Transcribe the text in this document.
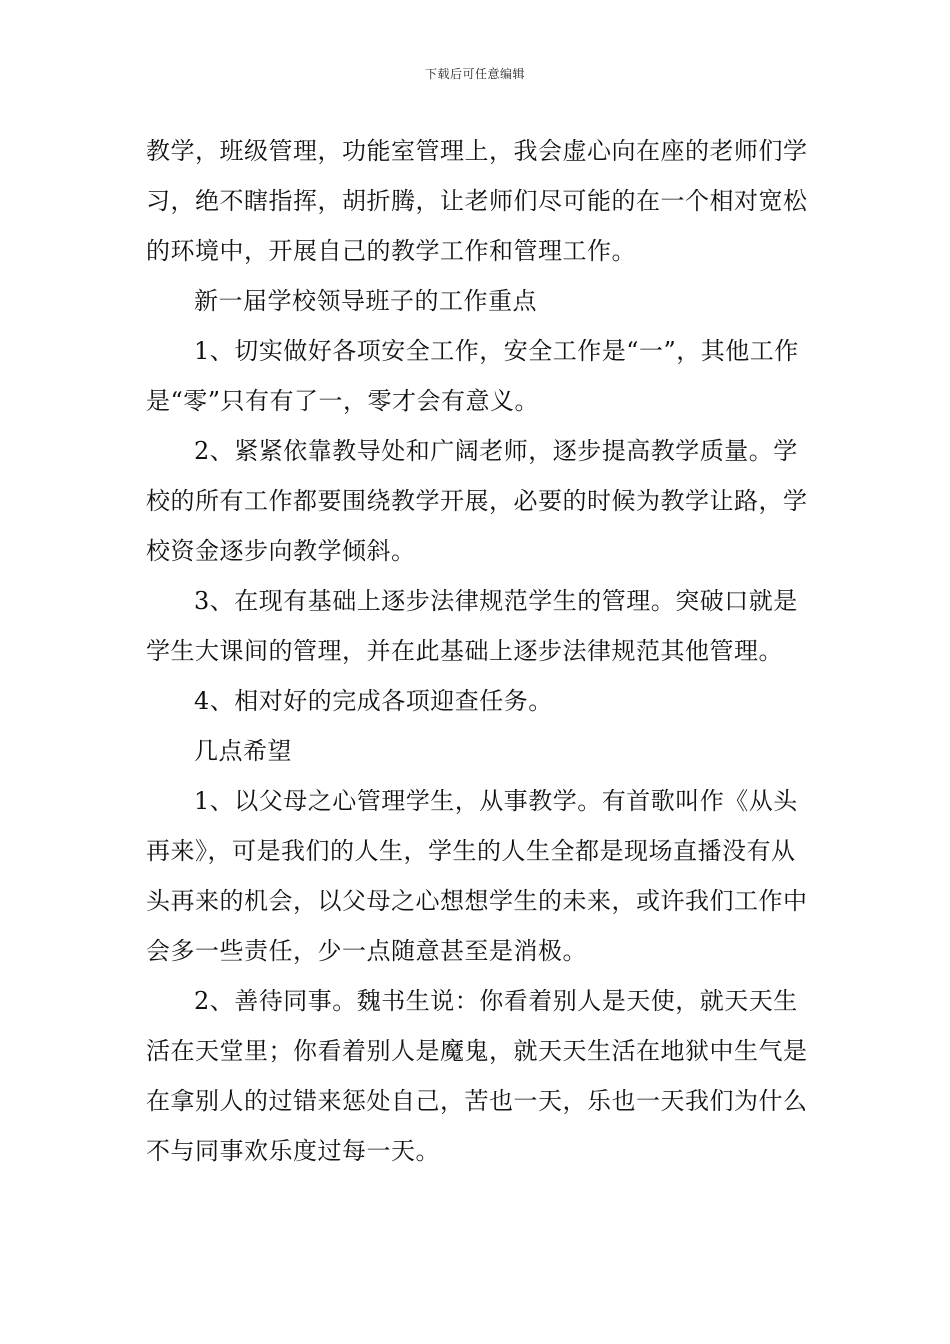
下载后可任意编辑

教学，班级管理，功能室管理上，我会虚心向在座的老师们学习，绝不瞎指挥，胡折腾，让老师们尽可能的在一个相对宽松的环境中，开展自己的教学工作和管理工作。

新一届学校领导班子的工作重点

1、切实做好各项安全工作，安全工作是“一”，其他工作是“零”只有有了一，零才会有意义。

2、紧紧依靠教导处和广阔老师，逐步提高教学质量。学校的所有工作都要围绕教学开展，必要的时候为教学让路，学校资金逐步向教学倾斜。

3、在现有基础上逐步法律规范学生的管理。突破口就是学生大课间的管理，并在此基础上逐步法律规范其他管理。

4、相对好的完成各项迎查任务。

几点希望

1、以父母之心管理学生，从事教学。有首歌叫作《从头再来》，可是我们的人生，学生的人生全都是现场直播没有从头再来的机会，以父母之心想想学生的未来，或许我们工作中会多一些责任，少一点随意甚至是消极。

2、善待同事。魏书生说：你看着别人是天使，就天天生活在天堂里；你看着别人是魔鬼，就天天生活在地狱中生气是在拿别人的过错来惩处自己，苦也一天，乐也一天我们为什么不与同事欢乐度过每一天。
